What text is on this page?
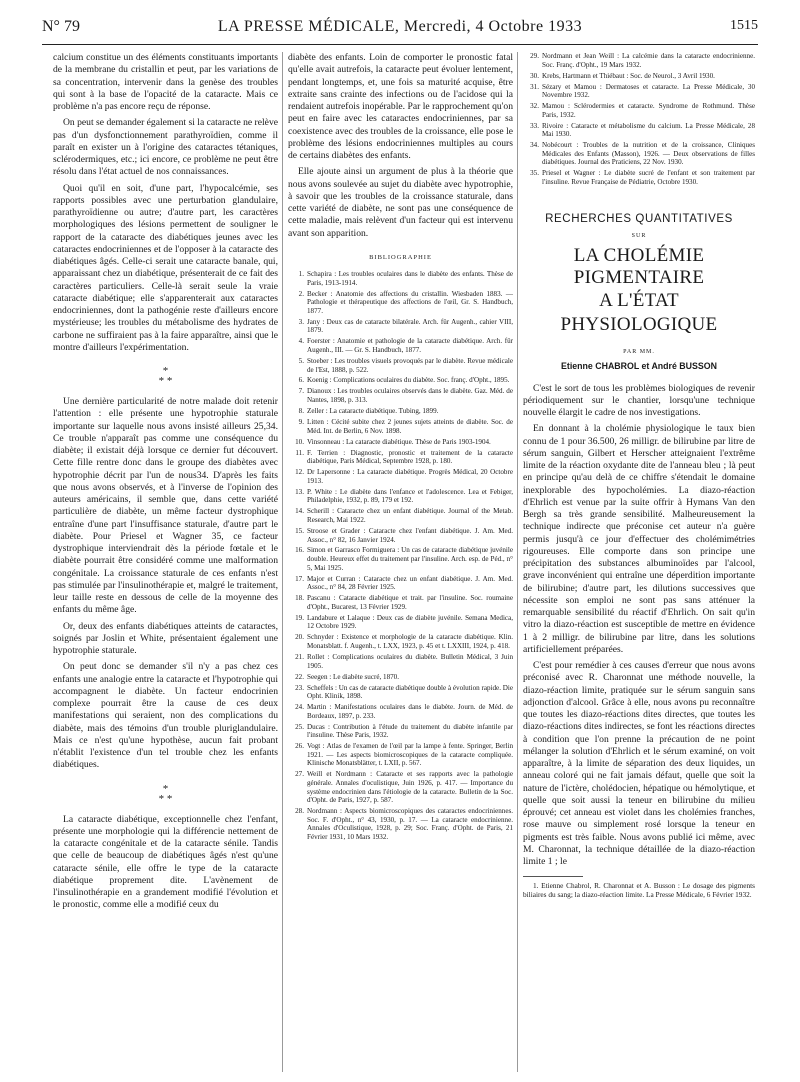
N° 79	LA PRESSE MÉDICALE, Mercredi, 4 Octobre 1933	1515

calcium constitue un des éléments constituants importants de la membrane du cristallin et peut, par les variations de sa concentration, intervenir dans la genèse des troubles qui sont à la base de l'opacité de la cataracte. Mais ce problème n'a pas encore reçu de réponse.

On peut se demander également si la cataracte ne relève pas d'un dysfonctionnement parathyroïdien, comme il paraît en exister un à l'origine des cataractes tétaniques, sclérodermiques, etc.; ici encore, ce problème ne peut être résolu dans l'état actuel de nos connaissances.

Quoi qu'il en soit, d'une part, l'hypocalcémie, ses rapports possibles avec une perturbation glandulaire, parathyroïdienne ou autre; d'autre part, les caractères morphologiques des lésions permettent de souligner le rapport de la cataracte des diabétiques jeunes avec les cataractes endocriniennes et de l'opposer à la cataracte des diabétiques âgés. Celle-ci serait une cataracte banale, qui, apparaissant chez un diabétique, présenterait de ce fait des caractères particuliers. Celle-là serait seule la vraie cataracte diabétique; elle s'apparenterait aux cataractes endocriniennes, dont la pathogénie reste d'ailleurs encore mystérieuse; les troubles du métabolisme des hydrates de carbone ne suffiraient pas à la faire apparaître, ainsi que le montre d'ailleurs l'expérimentation.

*
* *

Une dernière particularité de notre malade doit retenir l'attention : elle présente une hypotrophie staturale importante sur laquelle nous avons insisté ailleurs 25,34. Ce trouble n'apparaît pas comme une conséquence du diabète; il existait déjà lorsque ce dernier fut découvert. Cette fille rentre donc dans le groupe des diabètes avec hypotrophie décrit par l'un de nous34. D'après les faits que nous avons observés, et à l'inverse de l'opinion des auteurs américains, il semble que, dans cette variété particulière de diabète, un même facteur dystrophique entraîne d'une part l'insuffisance staturale, d'autre part le diabète. Pour Priesel et Wagner 35, ce facteur dystrophique interviendrait dès la période fœtale et le diabète pourrait être considéré comme une malformation congénitale. La croissance staturale de ces enfants n'est pas stimulée par l'insulinothérapie et, malgré le traitement, leur taille reste en dessous de celle de la moyenne des enfants du même âge.

Or, deux des enfants diabétiques atteints de cataractes, soignés par Joslin et White, présentaient également une hypotrophie staturale.

On peut donc se demander s'il n'y a pas chez ces enfants une analogie entre la cataracte et l'hypotrophie qui accompagnent le diabète. Un facteur endocrinien complexe pourrait être la cause de ces deux manifestations qui seraient, non des complications du diabète, mais des témoins d'un trouble pluriglandulaire. Mais ce n'est qu'une hypothèse, aucun fait probant n'établit l'existence d'un tel trouble chez les enfants diabétiques.

*
* *

La cataracte diabétique, exceptionnelle chez l'enfant, présente une morphologie qui la différencie nettement de la cataracte congénitale et de la cataracte sénile. Tandis que celle de beaucoup de diabétiques âgés n'est qu'une cataracte sénile, elle offre le type de la cataracte diabétique proprement dite. L'avènement de l'insulinothérapie en a grandement modifié l'évolution et le pronostic, comme elle a modifié ceux du

diabète des enfants. Loin de comporter le pronostic fatal qu'elle avait autrefois, la cataracte peut évoluer lentement, pendant longtemps, et, une fois sa maturité acquise, être extraite sans crainte des infections ou de l'acidose qui la rendaient autrefois inopérable. Par le rapprochement qu'on peut en faire avec les cataractes endocriniennes, par sa coexistence avec des troubles de la croissance, elle pose le problème des lésions endocriniennes multiples au cours de certains diabètes des enfants.

Elle ajoute ainsi un argument de plus à la théorie que nous avons soulevée au sujet du diabète avec hypotrophie, à savoir que les troubles de la croissance staturale, dans cette variété de diabète, ne sont pas une conséquence de cette maladie, mais relèvent d'un facteur qui est intervenu avant son apparition.

BIBLIOGRAPHIE
1. Schapira : Les troubles oculaires dans le diabète des enfants. Thèse de Paris, 1913-1914.
2. Becker : Anatomie des affections du cristallin. Wiesbaden 1883. — Pathologie et thérapeutique des affections de l'œil, Gr. S. Handbuch, 1877.
3. Jany : Deux cas de cataracte bilatérale. Arch. für Augenh., cahier VIII, 1879.
4. Foerster : Anatomie et pathologie de la cataracte diabétique. Arch. für Augenh., III. — Gr. S. Handbuch, 1877.
5. Stoeber : Les troubles visuels provoqués par le diabète. Revue médicale de l'Est, 1888, p. 522.
6. Koenig : Complications oculaires du diabète. Soc. franç. d'Opht., 1895.
7. Dianoux : Les troubles oculaires observés dans le diabète. Gaz. Méd. de Nantes, 1898, p. 313.
8. Zeller : La cataracte diabétique. Tubing, 1899.
9. Litten : Cécité subite chez 2 jeunes sujets atteints de diabète. Soc. de Méd. Int. de Berlin, 6 Nov. 1898.
10. Vinsonneau : La cataracte diabétique. Thèse de Paris 1903-1904.
11. F. Terrien : Diagnostic, pronostic et traitement de la cataracte diabétique, Paris Médical, Septembre 1928, p. 180.
12. Dr Lapersonne : La cataracte diabétique. Progrès Médical, 20 Octobre 1913.
13. P. White : Le diabète dans l'enfance et l'adolescence. Lea et Febiger, Philadelphie, 1932, p. 89, 179 et 192.
14. Scherill : Cataracte chez un enfant diabétique. Journal of the Metab. Research, Mai 1922.
15. Stroose et Grader : Cataracte chez l'enfant diabétique. J. Am. Med. Assoc., n° 82, 16 Janvier 1924.
16. Simon et Garrasco Formiguera : Un cas de cataracte diabétique juvénile double. Heureux effet du traitement par l'insuline. Arch. esp. de Péd., n° 5, Mai 1925.
17. Major et Curran : Cataracte chez un enfant diabétique. J. Am. Med. Assoc., n° 84, 28 Février 1925.
18. Pascanu : Cataracte diabétique et trait. par l'insuline. Soc. roumaine d'Opht., Bucarest, 13 Février 1929.
19. Landabure et Lalaque : Deux cas de diabète juvénile. Semana Medica, 12 Octobre 1929.
20. Schnyder : Existence et morphologie de la cataracte diabétique. Klin. Monatsblatt. f. Augenh., t. LXX, 1923, p. 45 et t. LXXIII, 1924, p. 418.
21. Rollet : Complications oculaires du diabète. Bulletin Médical, 3 Juin 1905.
22. Seegen : Le diabète sucré, 1870.
23. Scheffels : Un cas de cataracte diabétique double à évolution rapide. Die Opht. Klinik, 1898.
24. Martin : Manifestations oculaires dans le diabète. Journ. de Méd. de Bordeaux, 1897, p. 233.
25. Ducas : Contribution à l'étude du traitement du diabète infantile par l'insuline. Thèse Paris, 1932.
26. Vogt : Atlas de l'examen de l'œil par la lampe à fente. Springer, Berlin 1921. — Les aspects biomicroscopiques de la cataracte compliquée. Klinische Monatsblätter, t. LXII, p. 567.
27. Weill et Nordmann : Cataracte et ses rapports avec la pathologie générale. Annales d'oculistique, Juin 1926, p. 417. — Importance du système endocrinien dans l'étiologie de la cataracte. Bulletin de la Soc. d'Opht. de Paris, 1927, p. 587.
28. Nordmann : Aspects biomicroscopiques des cataractes endocriniennes. Soc. F. d'Opht., n° 43, 1930, p. 17. — La cataracte endocrinienne. Annales d'Oculistique, 1928, p. 29; Soc. Franç. d'Opht. de Paris, 21 Février 1931, 10 Mars 1932.
29. Nordmann et Jean Weill : La calcémie dans la cataracte endocrinienne. Soc. Franç. d'Opht., 19 Mars 1932.
30. Krebs, Hartmann et Thiébaut : Soc. de Neurol., 3 Avril 1930.
31. Sézary et Mamou : Dermatoses et cataracte. La Presse Médicale, 30 Novembre 1932.
32. Mamou : Sclérodermies et cataracte. Syndrome de Rothmund. Thèse Paris, 1932.
33. Rivoire : Cataracte et métabolisme du calcium. La Presse Médicale, 28 Mai 1930.
34. Nobécourt : Troubles de la nutrition et de la croissance, Cliniques Médicales des Enfants (Masson), 1926. — Deux observations de filles diabétiques. Journal des Praticiens, 22 Nov. 1930.
35. Priesel et Wagner : Le diabète sucré de l'enfant et son traitement par l'insuline. Revue Française de Pédiatrie, Octobre 1930.
RECHERCHES QUANTITATIVES
SUR
LA CHOLÉMIE PIGMENTAIRE
A L'ÉTAT PHYSIOLOGIQUE
PAR MM.
Etienne CHABROL et André BUSSON

C'est le sort de tous les problèmes biologiques de revenir périodiquement sur le chantier, lorsqu'une technique nouvelle élargit le cadre de nos investigations.

En donnant à la cholémie physiologique le taux bien connu de 1 pour 36.500, 26 milligr. de bilirubine par litre de sérum sanguin, Gilbert et Herscher atteignaient l'extrême limite de la réaction oxydante dite de l'anneau bleu ; là peut en principe qu'au delà de ce chiffre s'étendait le domaine inexplorable des hypocholémies. La diazo-réaction d'Ehrlich est venue par la suite offrir à Hymans Van den Bergh sa très grande sensibilité. Malheureusement la technique indirecte que préconise cet auteur n'a guère permis jusqu'à ce jour d'effectuer des cholémimétries rigoureuses. Elle comporte dans son principe une précipitation des substances albuminoïdes par l'alcool, grave inconvénient qui entraîne une déperdition importante de bilirubine; d'autre part, les dilutions successives que nécessite son emploi ne sont pas sans atténuer la remarquable sensibilité du réactif d'Ehrlich. On sait qu'in vitro la diazo-réaction est susceptible de mettre en évidence 1 à 2 milligr. de bilirubine par litre, dans les solutions artificiellement préparées.

C'est pour remédier à ces causes d'erreur que nous avons préconisé avec R. Charonnat une méthode nouvelle, la diazo-réaction limite, pratiquée sur le sérum sanguin sans adjonction d'alcool. Grâce à elle, nous avons pu reconnaître que toutes les diazo-réactions dites directes, que toutes les diazo-réactions dites indirectes, se font les réactions directes à condition que l'on prenne la précaution de ne point mélanger la solution d'Ehrlich et le sérum examiné, on voit apparaître, à la limite de séparation des deux liquides, un anneau coloré qui ne fait jamais défaut, quelle que soit la nature de l'ictère, cholédocien, hépatique ou hémolytique, et quelle que soit aussi la teneur en bilirubine du milieu éprouvé; cet anneau est violet dans les cholémies franches, rose mauve ou simplement rosé lorsque la teneur en pigments est très faible. Nous avons publié ici même, avec M. Charonnat, la technique détaillée de la diazo-réaction limite 1 ; le

1. Etienne Chabrol, R. Charonnat et A. Busson : Le dosage des pigments biliaires du sang; la diazo-réaction limite. La Presse Médicale, 6 Février 1932.
